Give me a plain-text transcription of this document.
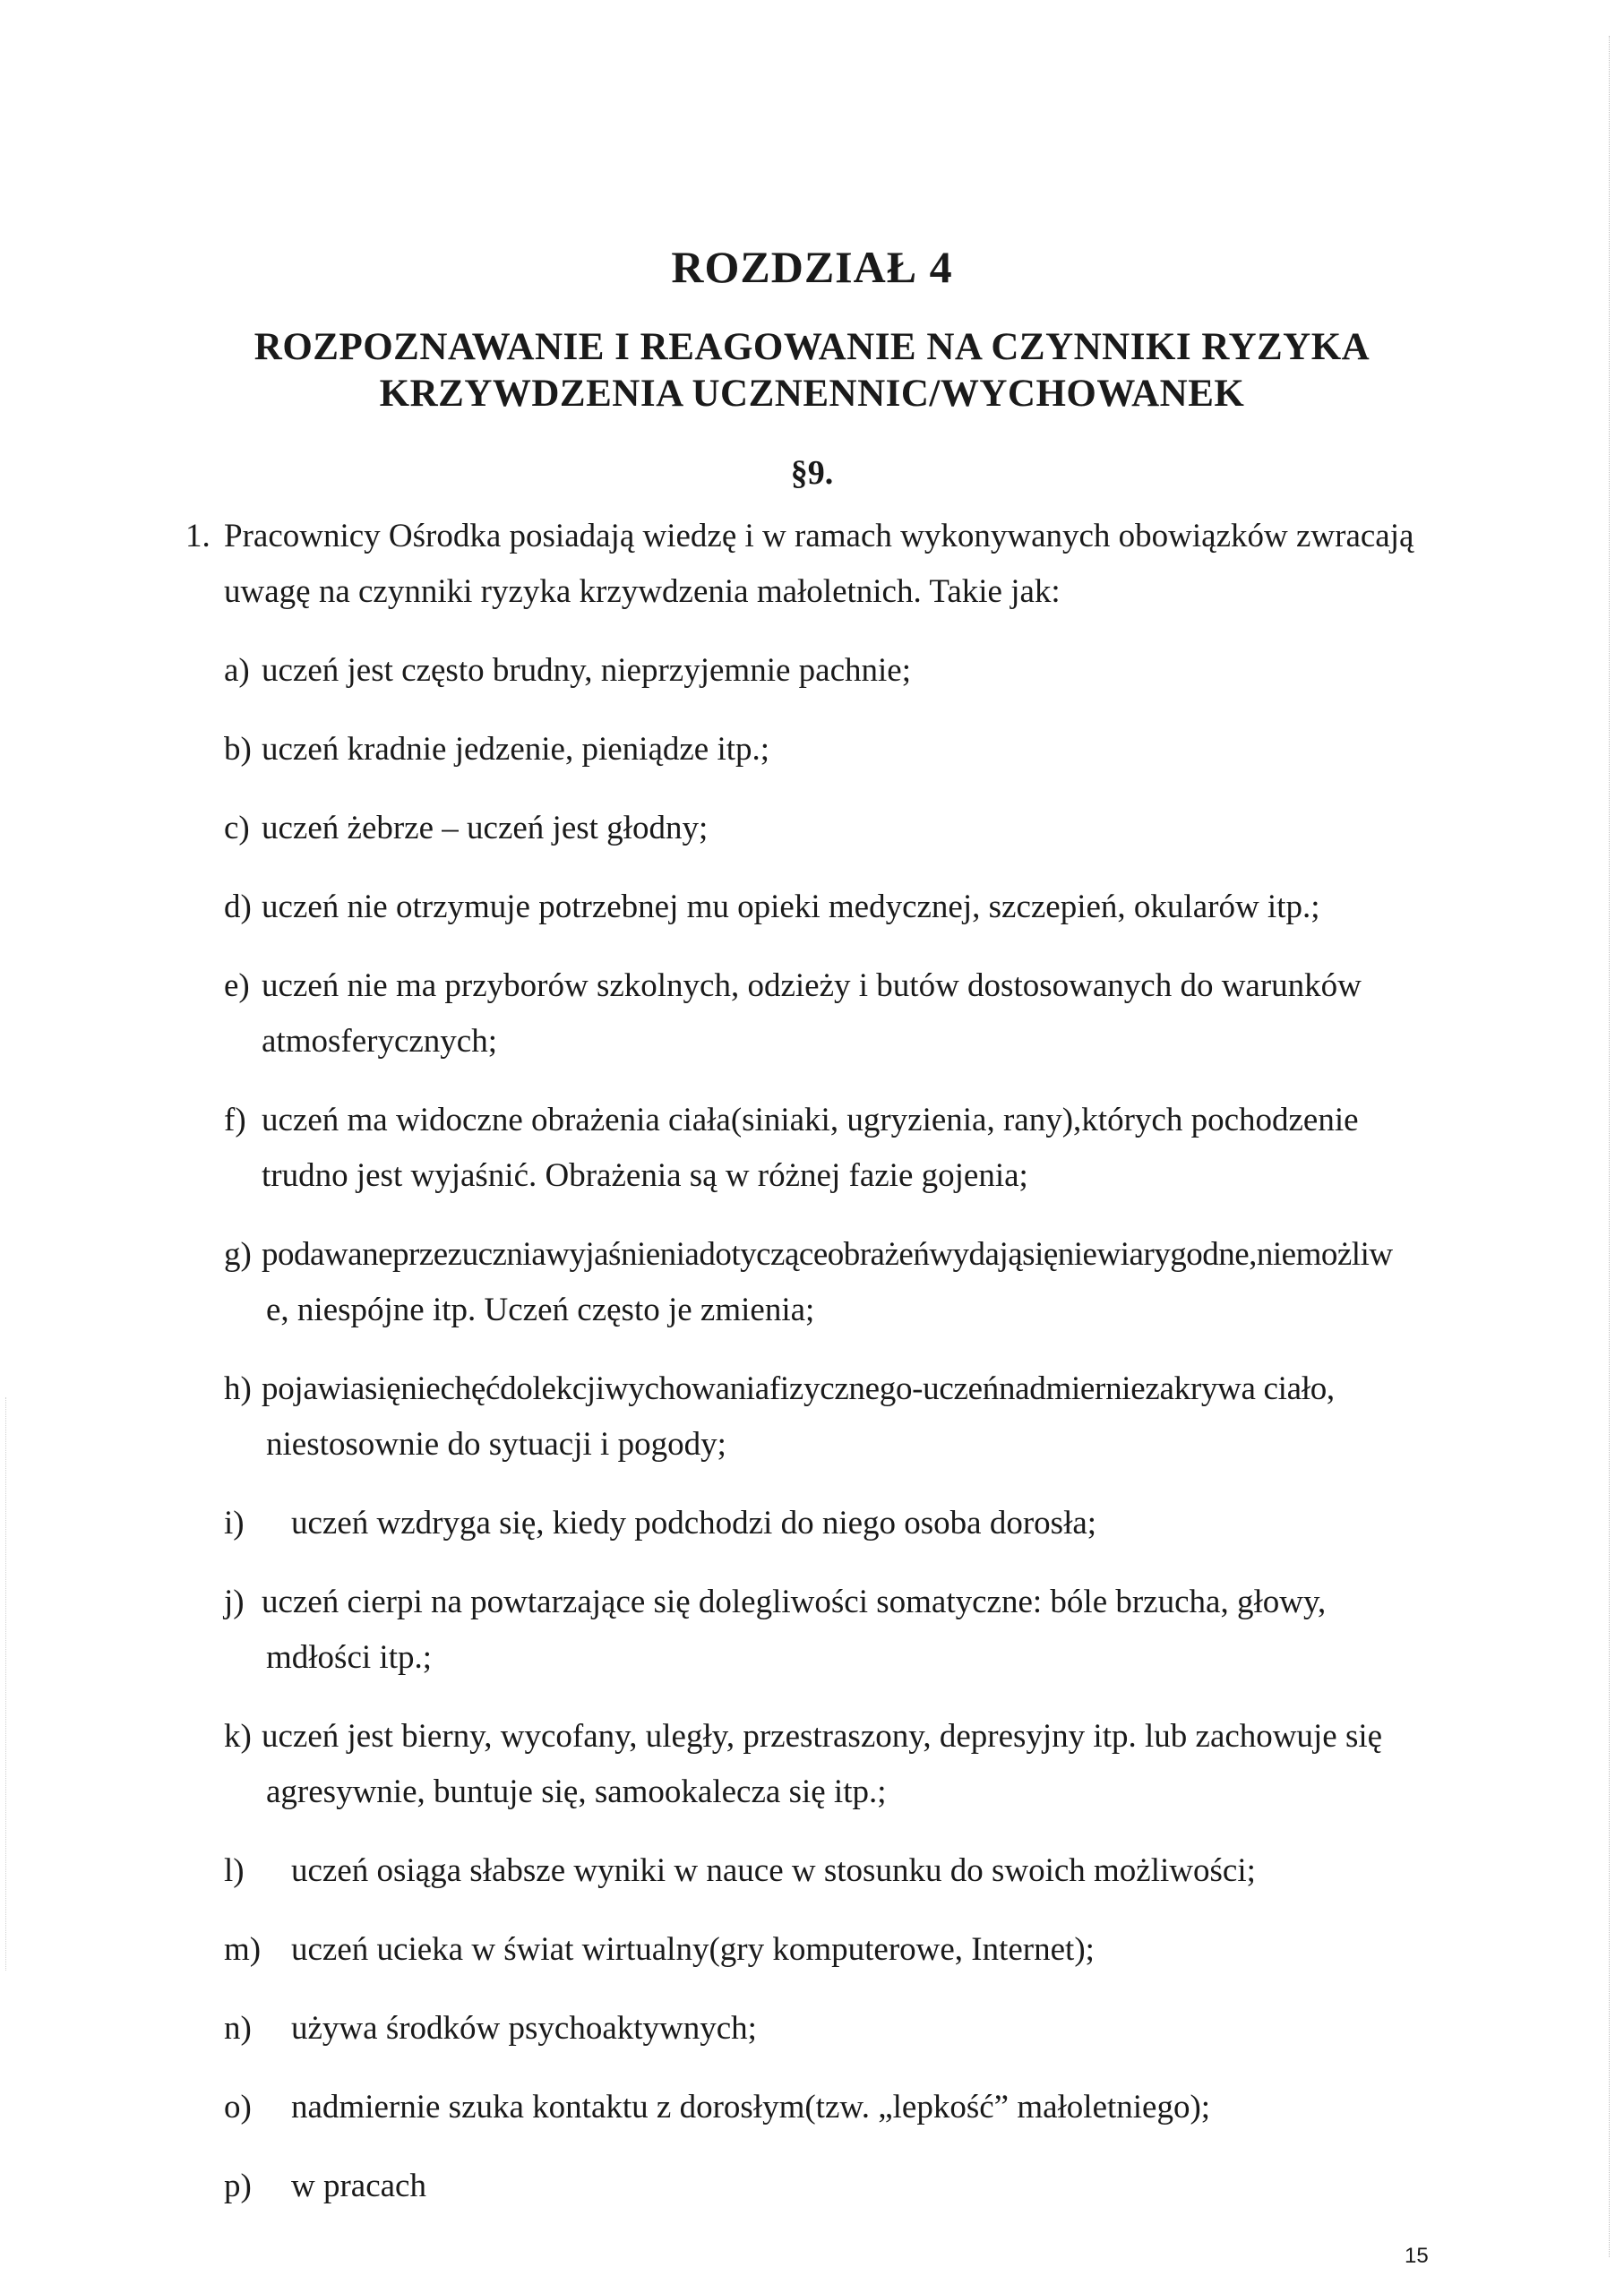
ROZDZIAŁ 4
ROZPOZNAWANIE I REAGOWANIE NA CZYNNIKI RYZYKA
KRZYWDZENIA UCZNENNIC/WYCHOWANEK
§9.
1. Pracownicy Ośrodka posiadają wiedzę i w ramach wykonywanych obowiązków zwracają
uwagę na czynniki ryzyka krzywdzenia małoletnich. Takie jak:
a) uczeń jest często brudny, nieprzyjemnie pachnie;
b) uczeń kradnie jedzenie, pieniądze itp.;
c) uczeń żebrze – uczeń jest głodny;
d) uczeń nie otrzymuje potrzebnej mu opieki medycznej, szczepień, okularów itp.;
e) uczeń nie ma przyborów szkolnych, odzieży i butów dostosowanych do warunków
atmosferycznych;
f) uczeń ma widoczne obrażenia ciała(siniaki, ugryzienia, rany),których pochodzenie
trudno jest wyjaśnić. Obrażenia są w różnej fazie gojenia;
g) podawaneprzezuczniawyjaśnieniadotycząceobrażeńwydająsięniewiarygodne,niemożliw
e, niespójne itp. Uczeń często je zmienia;
h) pojawiasięniechęćdolekcjiwychowaniafizycznego-uczeńnadmierniezakrywa ciało,
niestosownie do sytuacji i pogody;
i) uczeń wzdryga się, kiedy podchodzi do niego osoba dorosła;
j) uczeń cierpi na powtarzające się dolegliwości somatyczne: bóle brzucha, głowy,
mdłości itp.;
k) uczeń jest bierny, wycofany, uległy, przestraszony, depresyjny itp. lub zachowuje się
agresywnie, buntuje się, samookalecza się itp.;
l) uczeń osiąga słabsze wyniki w nauce w stosunku do swoich możliwości;
m) uczeń ucieka w świat wirtualny(gry komputerowe, Internet);
n) używa środków psychoaktywnych;
o) nadmiernie szuka kontaktu z dorosłym(tzw. „lepkość” małoletniego);
p) w pracach
15
